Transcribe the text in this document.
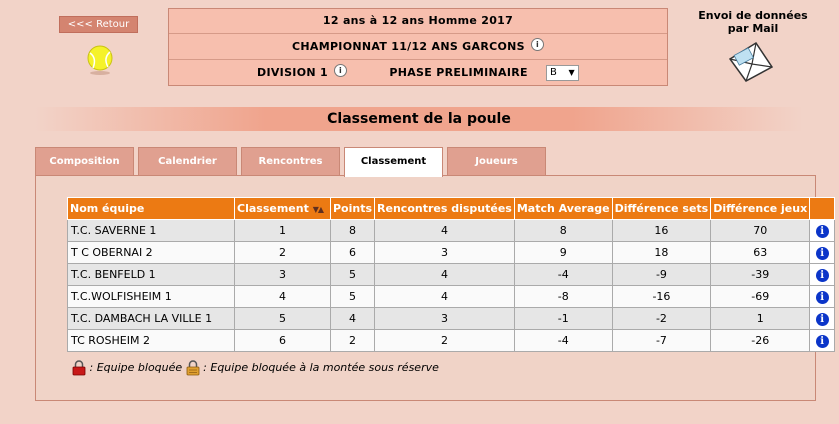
<<< Retour	12 ans à 12 ans Homme 2017
CHAMPIONNAT 11/12 ANS GARCONS i
DIVISION 1 i	PHASE PRELIMINAIRE B ▼
Envoi de données
par Mail
Classement de la poule
Composition	Calendrier	Rencontres	Classement	Joueurs
Nom équipe	Classement ▼▲	Points	Rencontres disputées	Match Average	Différence sets	Différence jeux	
T.C. SAVERNE 1	1	8	4	8	16	70	i
T C OBERNAI 2	2	6	3	9	18	63	i
T.C. BENFELD 1	3	5	4	-4	-9	-39	i
T.C.WOLFISHEIM 1	4	5	4	-8	-16	-69	i
T.C. DAMBACH LA VILLE 1	5	4	3	-1	-2	1	i
TC ROSHEIM 2	6	2	2	-4	-7	-26	i
: Equipe bloquée : Equipe bloquée à la montée sous réserve
